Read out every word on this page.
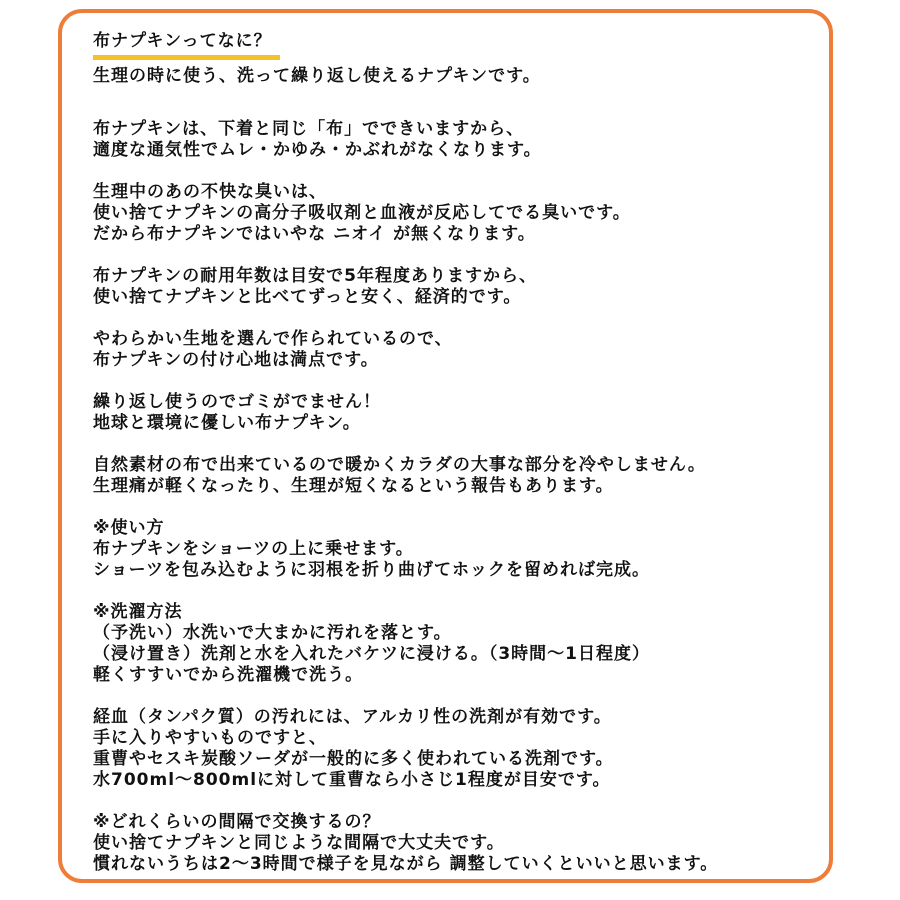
布ナプキンってなに？
生理の時に使う、洗って繰り返し使えるナプキンです。
布ナプキンは、下着と同じ「布」でできいますから、
適度な通気性でムレ・かゆみ・かぶれがなくなります。
生理中のあの不快な臭いは、
使い捨てナプキンの高分子吸収剤と血液が反応してでる臭いです。
だから布ナプキンではいやな ニオイ が無くなります。
布ナプキンの耐用年数は目安で5年程度ありますから、
使い捨てナプキンと比べてずっと安く、経済的です。
やわらかい生地を選んで作られているので、
布ナプキンの付け心地は満点です。
繰り返し使うのでゴミがでません！
地球と環境に優しい布ナプキン。
自然素材の布で出来ているので暖かくカラダの大事な部分を冷やしません。
生理痛が軽くなったり、生理が短くなるという報告もあります。
※使い方
布ナプキンをショーツの上に乗せます。
ショーツを包み込むように羽根を折り曲げてホックを留めれば完成。
※洗濯方法
（予洗い）水洗いで大まかに汚れを落とす。
（浸け置き）洗剤と水を入れたバケツに浸ける。（3時間〜1日程度）
軽くすすいでから洗濯機で洗う。
経血（タンパク質）の汚れには、アルカリ性の洗剤が有効です。
手に入りやすいものですと、
重曹やセスキ炭酸ソーダが一般的に多く使われている洗剤です。
水700ml〜800mlに対して重曹なら小さじ1程度が目安です。
※どれくらいの間隔で交換するの？
使い捨てナプキンと同じような間隔で大丈夫です。
慣れないうちは2〜3時間で様子を見ながら 調整していくといいと思います。
